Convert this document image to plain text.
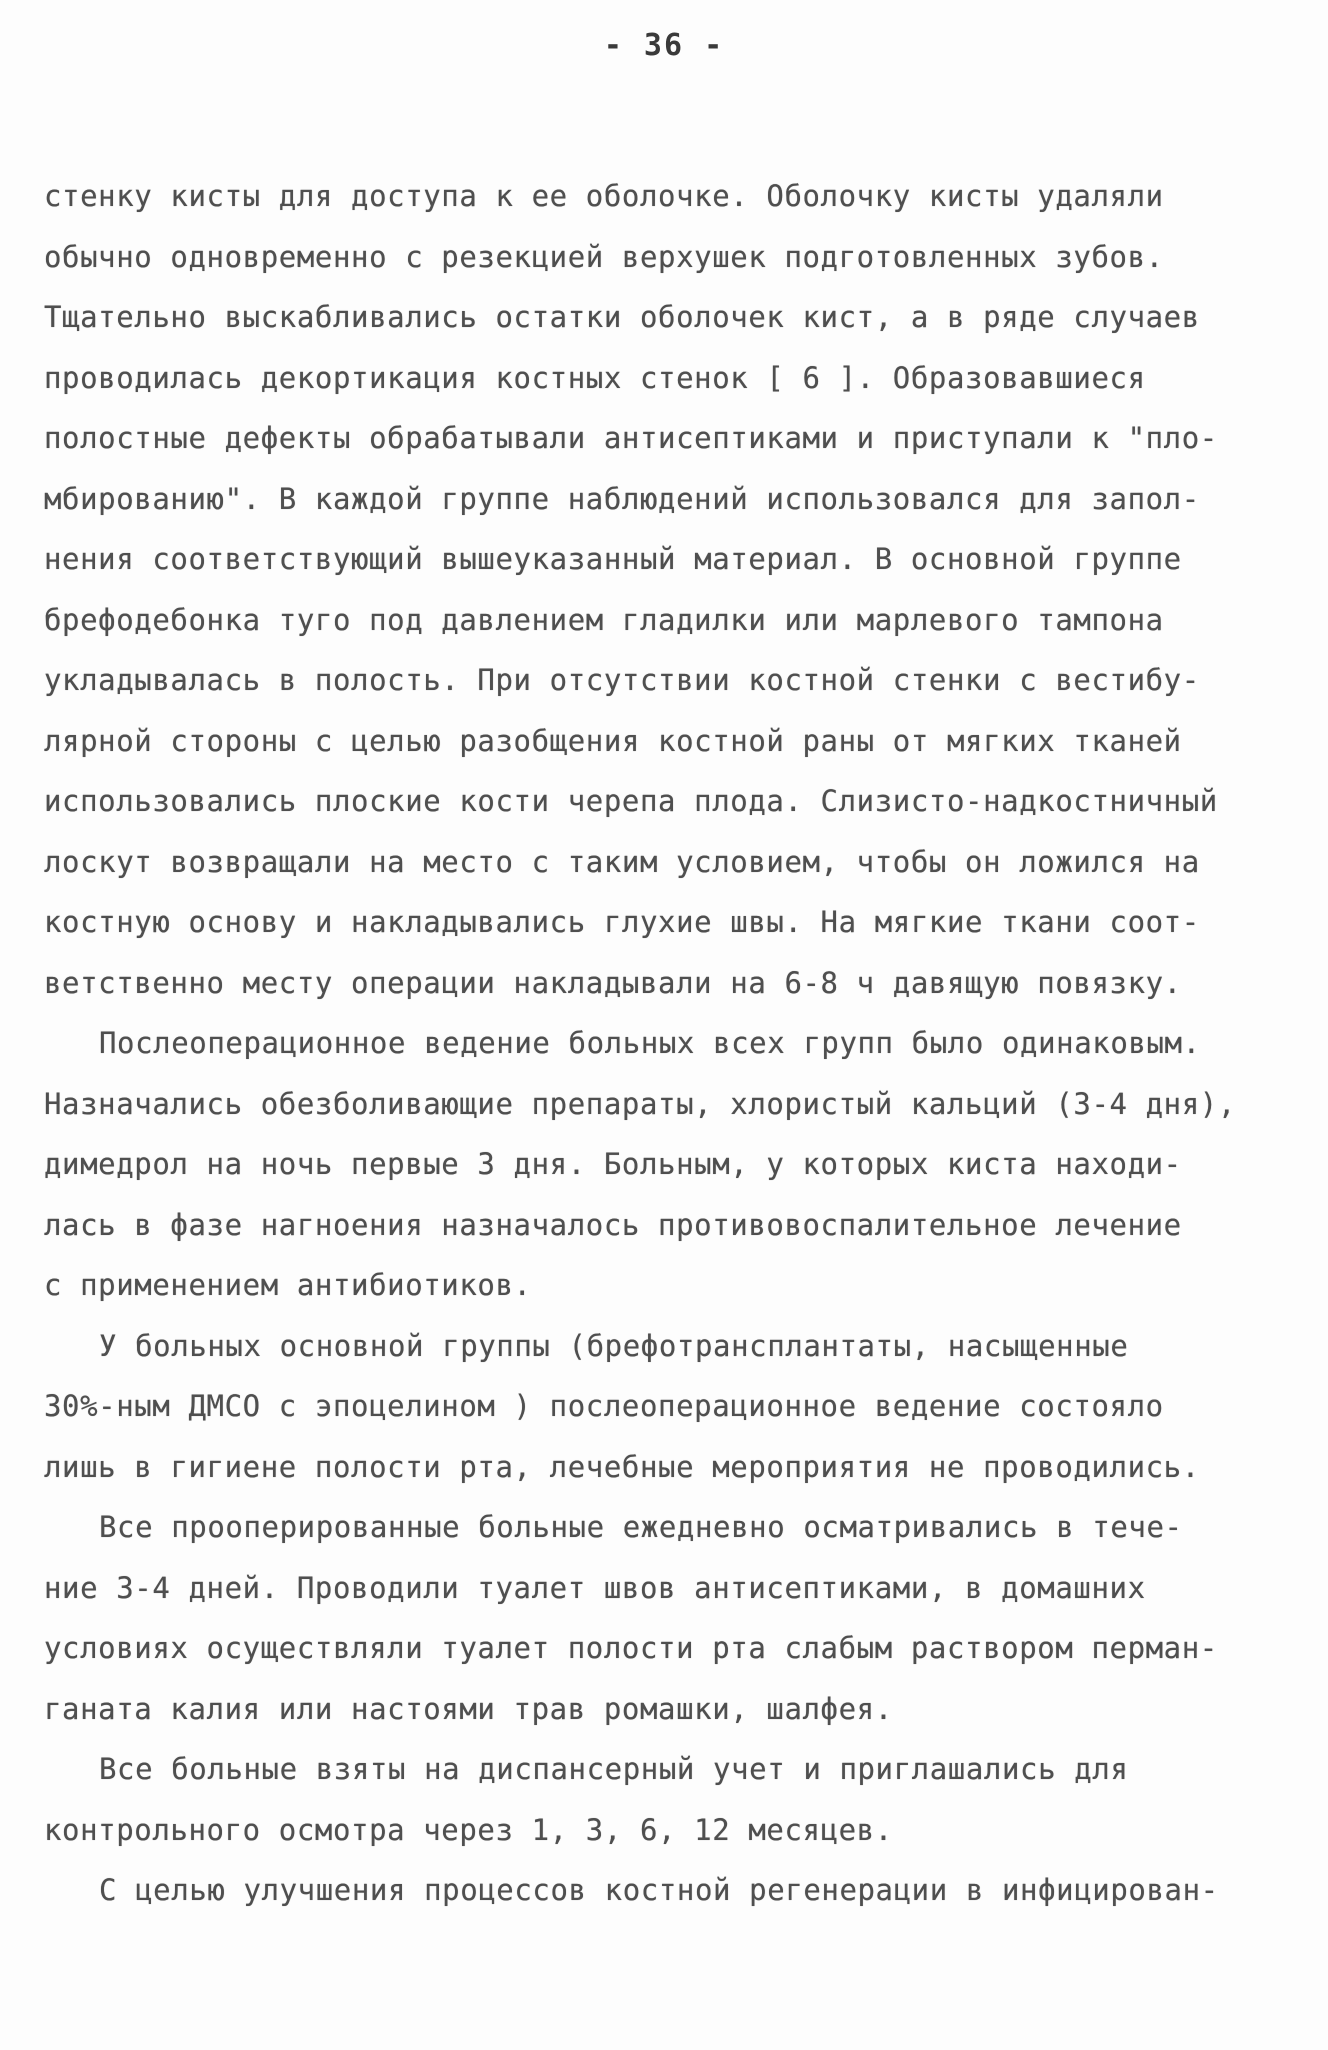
- 36 -
стенку кисты для доступа к ее оболочке. Оболочку кисты удаляли
обычно одновременно с резекцией верхушек подготовленных зубов.
Тщательно выскабливались остатки оболочек кист, а в ряде случаев
проводилась декортикация костных стенок [ 6 ]. Образовавшиеся
полостные дефекты обрабатывали антисептиками и приступали к "пло-
мбированию". В каждой группе наблюдений использовался для запол-
нения соответствующий вышеуказанный материал. В основной группе
брефодебонка туго под давлением гладилки или марлевого тампона
укладывалась в полость. При отсутствии костной стенки с вестибу-
лярной стороны с целью разобщения костной раны от мягких тканей
использовались плоские кости черепа плода. Слизисто-надкостничный
лоскут возвращали на место с таким условием, чтобы он ложился на
костную основу и накладывались глухие швы. На мягкие ткани соот-
ветственно месту операции накладывали на 6-8 ч давящую повязку.
Послеоперационное ведение больных всех групп было одинаковым.
Назначались обезболивающие препараты, хлористый кальций (3-4 дня),
димедрол на ночь первые 3 дня. Больным, у которых киста находи-
лась в фазе нагноения назначалось противовоспалительное лечение
с применением антибиотиков.
У больных основной группы (брефотрансплантаты, насыщенные
30%-ным ДМСО с эпоцелином ) послеоперационное ведение состояло
лишь в гигиене полости рта, лечебные мероприятия не проводились.
Все прооперированные больные ежедневно осматривались в тече-
ние 3-4 дней. Проводили туалет швов антисептиками, в домашних
условиях осуществляли туалет полости рта слабым раствором перман-
ганата калия или настоями трав ромашки, шалфея.
Все больные взяты на диспансерный учет и приглашались для
контрольного осмотра через 1, 3, 6, 12 месяцев.
С целью улучшения процессов костной регенерации в инфицирован-
